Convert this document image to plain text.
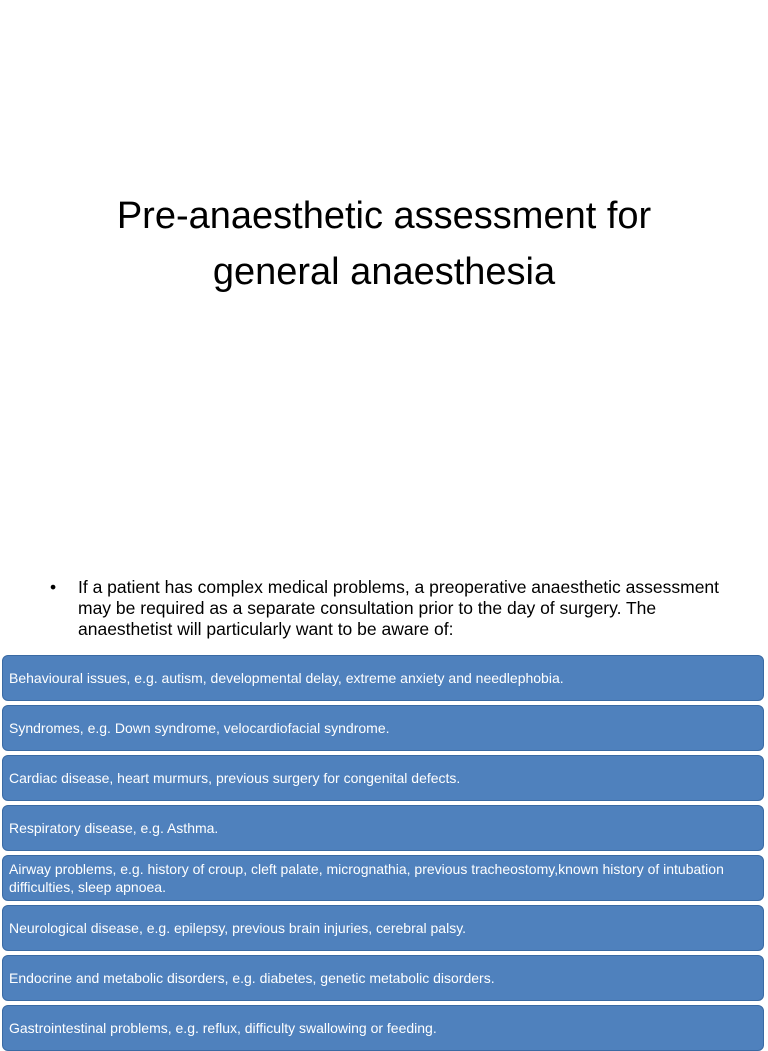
Pre-anaesthetic assessment for
general anaesthesia
• If a patient has complex medical problems, a preoperative anaesthetic assessment may be required as a separate consultation prior to the day of surgery. The anaesthetist will particularly want to be aware of:
Behavioural issues, e.g. autism, developmental delay, extreme anxiety and needlephobia.
Syndromes, e.g. Down syndrome, velocardiofacial syndrome.
Cardiac disease, heart murmurs, previous surgery for congenital defects.
Respiratory disease, e.g. Asthma.
Airway problems, e.g. history of croup, cleft palate, micrognathia, previous tracheostomy,known history of intubation difficulties, sleep apnoea.
Neurological disease, e.g. epilepsy, previous brain injuries, cerebral palsy.
Endocrine and metabolic disorders, e.g. diabetes, genetic metabolic disorders.
Gastrointestinal problems, e.g. reflux, difficulty swallowing or feeding.
